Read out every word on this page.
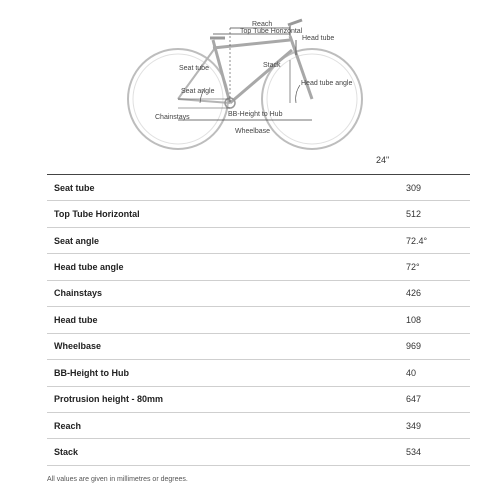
Reach
Top Tube Horizontal
Head tube
Seat tube	Stack
Head tube angle
Seat angle
Chainstays	BB-Height to Hub
Wheelbase
24"
Seat tube	309
Top Tube Horizontal	512
Seat angle	72.4°
Head tube angle	72°
Chainstays	426
Head tube	108
Wheelbase	969
BB-Height to Hub	40
Protrusion height - 80mm	647
Reach	349
Stack	534
All values are given in millimetres or degrees.
